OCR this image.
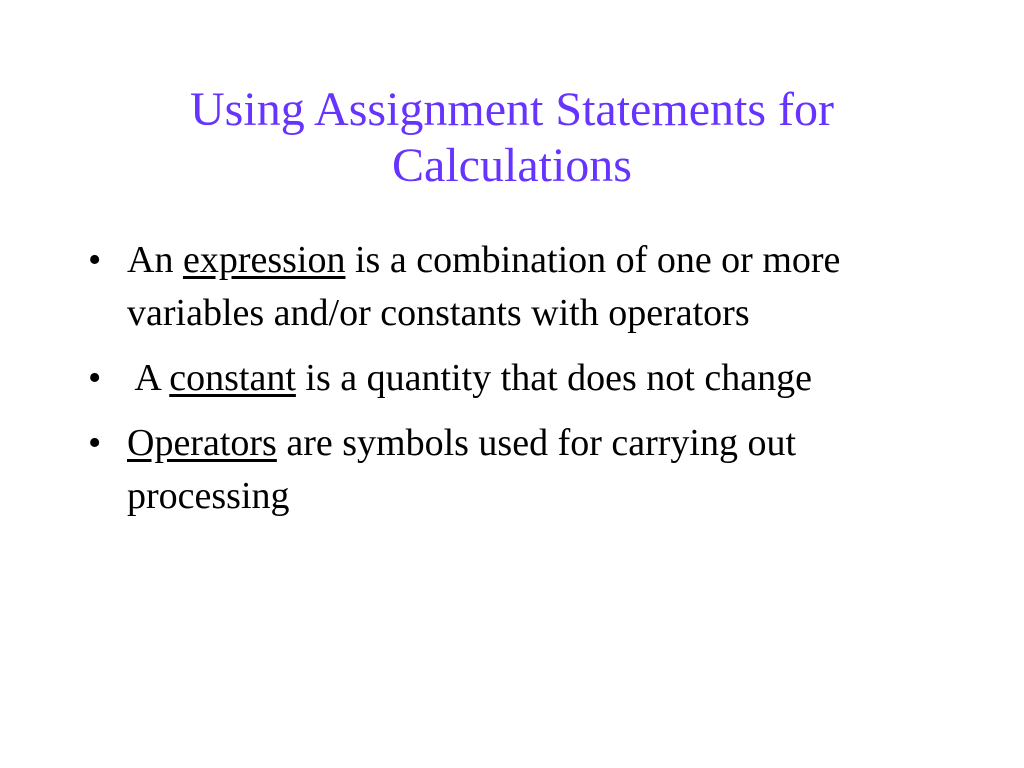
Using Assignment Statements for
Calculations
• An expression is a combination of one or more variables and/or constants with operators
• A constant is a quantity that does not change
• Operators are symbols used for carrying out processing
